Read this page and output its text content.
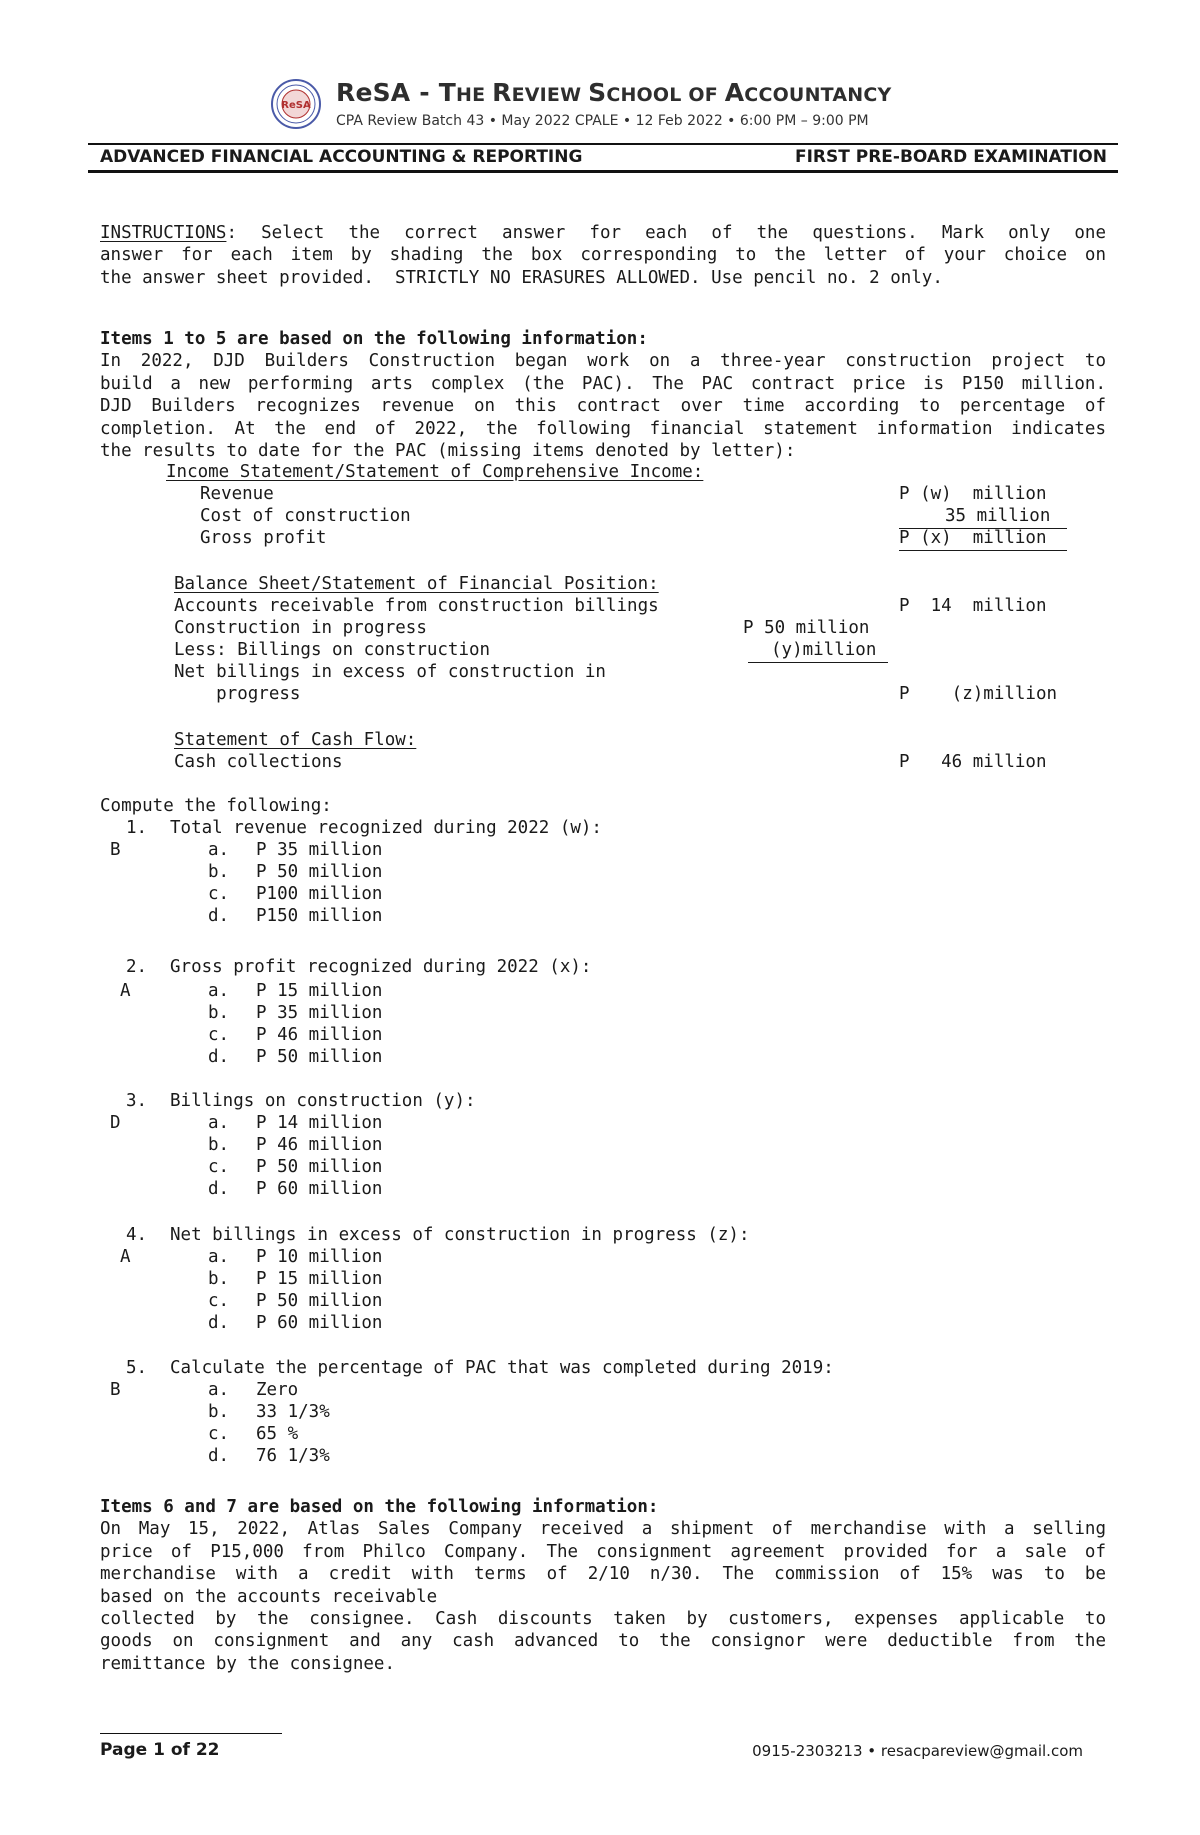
ReSA ReSA - THE REVIEW SCHOOL OF ACCOUNTANCY
CPA Review Batch 43 • May 2022 CPALE • 12 Feb 2022 • 6:00 PM – 9:00 PM
ADVANCED FINANCIAL ACCOUNTING & REPORTING	FIRST PRE-BOARD EXAMINATION
INSTRUCTIONS: Select the correct answer for each of the questions. Mark only one
answer for each item by shading the box corresponding to the letter of your choice on
the answer sheet provided.  STRICTLY NO ERASURES ALLOWED. Use pencil no. 2 only.
Items 1 to 5 are based on the following information:
In 2022, DJD Builders Construction began work on a three-year construction project to
build a new performing arts complex (the PAC). The PAC contract price is P150 million.
DJD Builders recognizes revenue on this contract over time according to percentage of
completion. At the end of 2022, the following financial statement information indicates
the results to date for the PAC (missing items denoted by letter):
Income Statement/Statement of Comprehensive Income:
Revenue	P (w)  million
Cost of construction	35 million
Gross profit	P (x)  million
Balance Sheet/Statement of Financial Position:
Accounts receivable from construction billings	P  14  million
Construction in progress	P 50 million
Less: Billings on construction	(y)million
Net billings in excess of construction in
progress	P    (z)million
Statement of Cash Flow:
Cash collections	P   46 million
Compute the following:
1. Total revenue recognized during 2022 (w):
B	a. P 35 million
b. P 50 million
c. P100 million
d. P150 million
2. Gross profit recognized during 2022 (x):
A	a. P 15 million
b. P 35 million
c. P 46 million
d. P 50 million
3. Billings on construction (y):
D	a. P 14 million
b. P 46 million
c. P 50 million
d. P 60 million
4. Net billings in excess of construction in progress (z):
A	a. P 10 million
b. P 15 million
c. P 50 million
d. P 60 million
5. Calculate the percentage of PAC that was completed during 2019:
B	a. Zero
b. 33 1/3%
c. 65 %
d. 76 1/3%
Items 6 and 7 are based on the following information:
On May 15, 2022, Atlas Sales Company received a shipment of merchandise with a selling
price of P15,000 from Philco Company. The consignment agreement provided for a sale of
merchandise with a credit with terms of 2/10 n/30. The commission of 15% was to be
based on the accounts receivable
collected by the consignee. Cash discounts taken by customers, expenses applicable to
goods on consignment and any cash advanced to the consignor were deductible from the
remittance by the consignee.
Page 1 of 22	0915-2303213 • resacpareview@gmail.com
